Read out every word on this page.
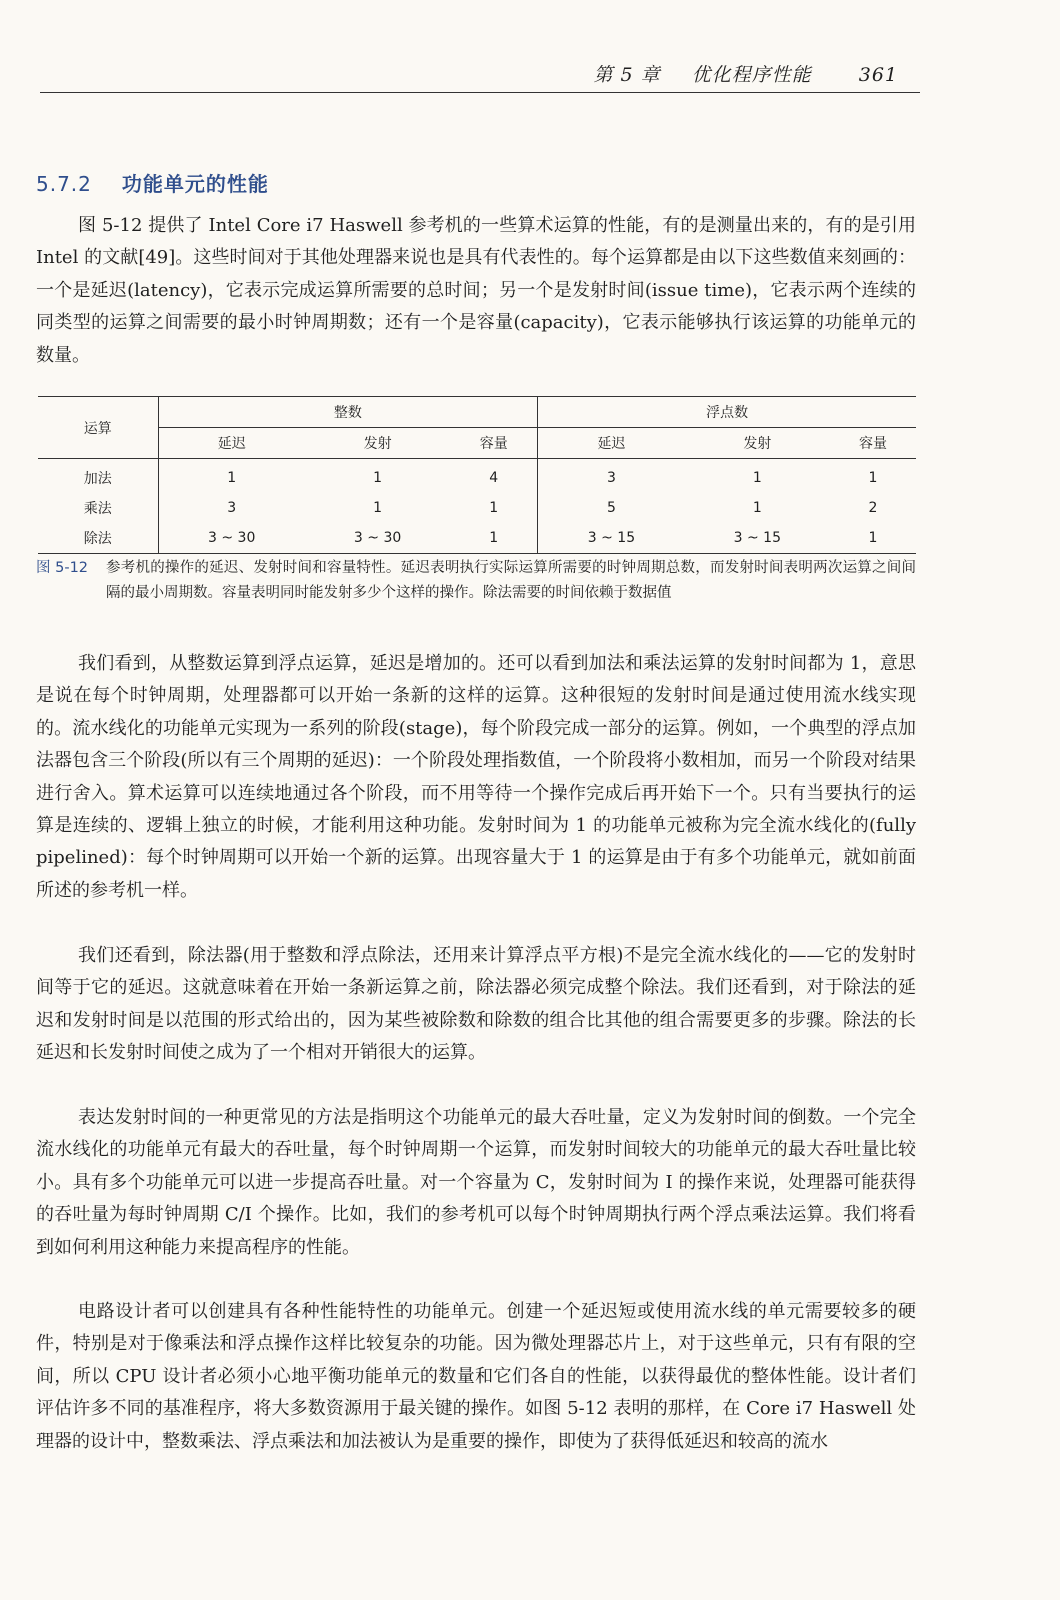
第 5 章 优化程序性能 361
5.7.2 功能单元的性能

图 5-12 提供了 Intel Core i7 Haswell 参考机的一些算术运算的性能，有的是测量出来的，有的是引用 Intel 的文献[49]。这些时间对于其他处理器来说也是具有代表性的。每个运算都是由以下这些数值来刻画的：一个是延迟(latency)，它表示完成运算所需要的总时间；另一个是发射时间(issue time)，它表示两个连续的同类型的运算之间需要的最小时钟周期数；还有一个是容量(capacity)，它表示能够执行该运算的功能单元的数量。

运算	整数			浮点数		
	延迟	发射	容量	延迟	发射	容量
加法	1	1	4	3	1	1
乘法	3	1	1	5	1	2
除法	3 ~ 30	3 ~ 30	1	3 ~ 15	3 ~ 15	1
图 5-12 参考机的操作的延迟、发射时间和容量特性。延迟表明执行实际运算所需要的时钟周期总数，而发射时间表明两次运算之间间隔的最小周期数。容量表明同时能发射多少个这样的操作。除法需要的时间依赖于数据值

我们看到，从整数运算到浮点运算，延迟是增加的。还可以看到加法和乘法运算的发射时间都为 1，意思是说在每个时钟周期，处理器都可以开始一条新的这样的运算。这种很短的发射时间是通过使用流水线实现的。流水线化的功能单元实现为一系列的阶段(stage)，每个阶段完成一部分的运算。例如，一个典型的浮点加法器包含三个阶段(所以有三个周期的延迟)：一个阶段处理指数值，一个阶段将小数相加，而另一个阶段对结果进行舍入。算术运算可以连续地通过各个阶段，而不用等待一个操作完成后再开始下一个。只有当要执行的运算是连续的、逻辑上独立的时候，才能利用这种功能。发射时间为 1 的功能单元被称为完全流水线化的(fully pipelined)：每个时钟周期可以开始一个新的运算。出现容量大于 1 的运算是由于有多个功能单元，就如前面所述的参考机一样。

我们还看到，除法器(用于整数和浮点除法，还用来计算浮点平方根)不是完全流水线化的——它的发射时间等于它的延迟。这就意味着在开始一条新运算之前，除法器必须完成整个除法。我们还看到，对于除法的延迟和发射时间是以范围的形式给出的，因为某些被除数和除数的组合比其他的组合需要更多的步骤。除法的长延迟和长发射时间使之成为了一个相对开销很大的运算。

表达发射时间的一种更常见的方法是指明这个功能单元的最大吞吐量，定义为发射时间的倒数。一个完全流水线化的功能单元有最大的吞吐量，每个时钟周期一个运算，而发射时间较大的功能单元的最大吞吐量比较小。具有多个功能单元可以进一步提高吞吐量。对一个容量为 C，发射时间为 I 的操作来说，处理器可能获得的吞吐量为每时钟周期 C/I 个操作。比如，我们的参考机可以每个时钟周期执行两个浮点乘法运算。我们将看到如何利用这种能力来提高程序的性能。

电路设计者可以创建具有各种性能特性的功能单元。创建一个延迟短或使用流水线的单元需要较多的硬件，特别是对于像乘法和浮点操作这样比较复杂的功能。因为微处理器芯片上，对于这些单元，只有有限的空间，所以 CPU 设计者必须小心地平衡功能单元的数量和它们各自的性能，以获得最优的整体性能。设计者们评估许多不同的基准程序，将大多数资源用于最关键的操作。如图 5-12 表明的那样，在 Core i7 Haswell 处理器的设计中，整数乘法、浮点乘法和加法被认为是重要的操作，即使为了获得低延迟和较高的流水
